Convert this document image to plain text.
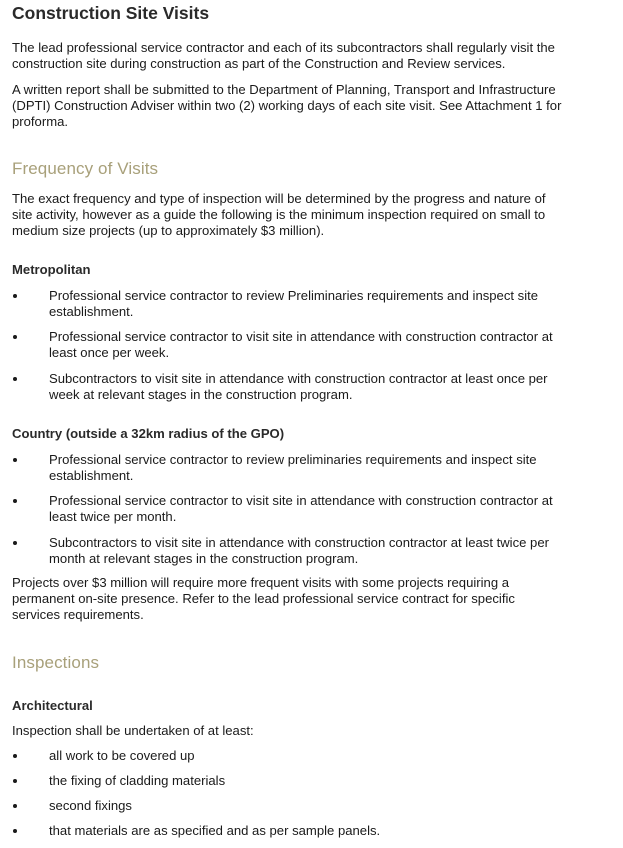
Construction Site Visits
The lead professional service contractor and each of its subcontractors shall regularly visit the
construction site during construction as part of the Construction and Review services.
A written report shall be submitted to the Department of Planning, Transport and Infrastructure
(DPTI) Construction Adviser within two (2) working days of each site visit. See Attachment 1 for
proforma.
Frequency of Visits
The exact frequency and type of inspection will be determined by the progress and nature of
site activity, however as a guide the following is the minimum inspection required on small to
medium size projects (up to approximately $3 million).
Metropolitan
Professional service contractor to review Preliminaries requirements and inspect site
establishment.
Professional service contractor to visit site in attendance with construction contractor at
least once per week.
Subcontractors to visit site in attendance with construction contractor at least once per
week at relevant stages in the construction program.
Country (outside a 32km radius of the GPO)
Professional service contractor to review preliminaries requirements and inspect site
establishment.
Professional service contractor to visit site in attendance with construction contractor at
least twice per month.
Subcontractors to visit site in attendance with construction contractor at least twice per
month at relevant stages in the construction program.
Projects over $3 million will require more frequent visits with some projects requiring a
permanent on-site presence. Refer to the lead professional service contract for specific
services requirements.
Inspections
Architectural
Inspection shall be undertaken of at least:
all work to be covered up
the fixing of cladding materials
second fixings
that materials are as specified and as per sample panels.
